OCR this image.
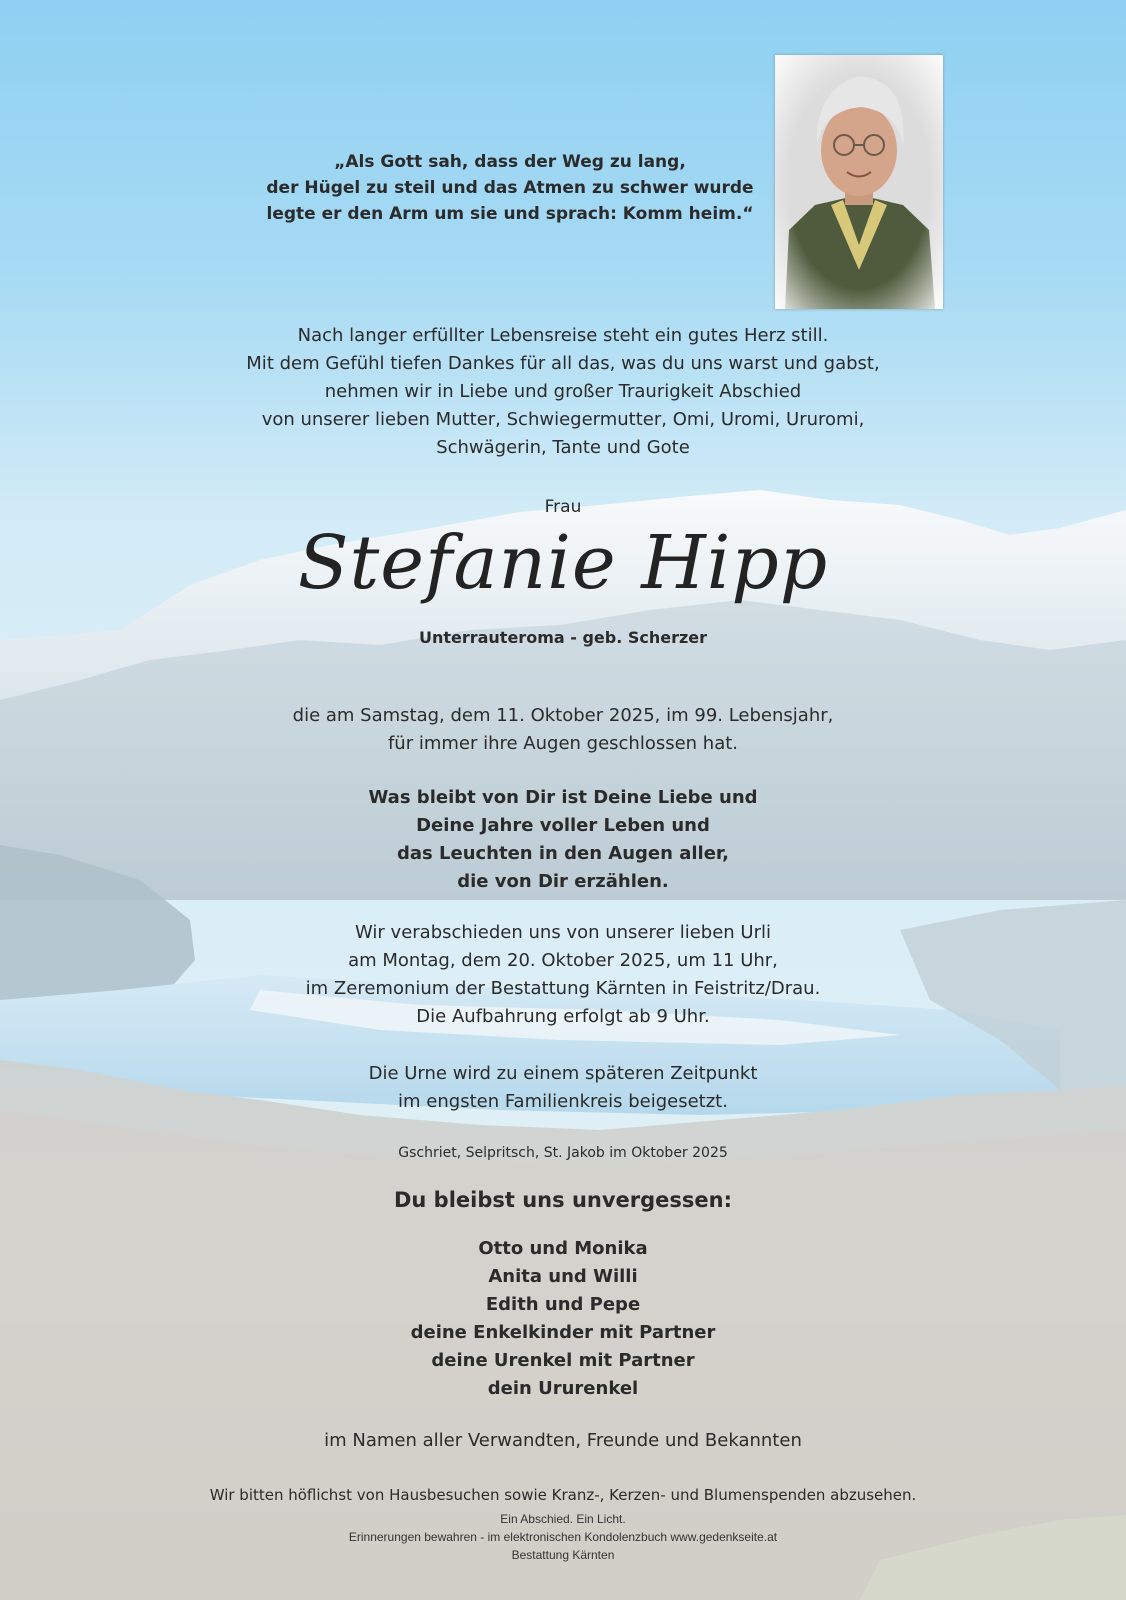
„Als Gott sah, dass der Weg zu lang,
der Hügel zu steil und das Atmen zu schwer wurde
legte er den Arm um sie und sprach: Komm heim.“
Nach langer erfüllter Lebensreise steht ein gutes Herz still.
Mit dem Gefühl tiefen Dankes für all das, was du uns warst und gabst,
nehmen wir in Liebe und großer Traurigkeit Abschied
von unserer lieben Mutter, Schwiegermutter, Omi, Uromi, Ururomi,
Schwägerin, Tante und Gote
Frau
Stefanie Hipp
Unterrauteroma - geb. Scherzer
die am Samstag, dem 11. Oktober 2025, im 99. Lebensjahr,
für immer ihre Augen geschlossen hat.
Was bleibt von Dir ist Deine Liebe und
Deine Jahre voller Leben und
das Leuchten in den Augen aller,
die von Dir erzählen.
Wir verabschieden uns von unserer lieben Urli
am Montag, dem 20. Oktober 2025, um 11 Uhr,
im Zeremonium der Bestattung Kärnten in Feistritz/Drau.
Die Aufbahrung erfolgt ab 9 Uhr.
Die Urne wird zu einem späteren Zeitpunkt
im engsten Familienkreis beigesetzt.
Gschriet, Selpritsch, St. Jakob im Oktober 2025
Du bleibst uns unvergessen:
Otto und Monika
Anita und Willi
Edith und Pepe
deine Enkelkinder mit Partner
deine Urenkel mit Partner
dein Ururenkel
im Namen aller Verwandten, Freunde und Bekannten
Wir bitten höflichst von Hausbesuchen sowie Kranz-, Kerzen- und Blumenspenden abzusehen.
Ein Abschied. Ein Licht.
Erinnerungen bewahren - im elektronischen Kondolenzbuch www.gedenkseite.at
Bestattung Kärnten
